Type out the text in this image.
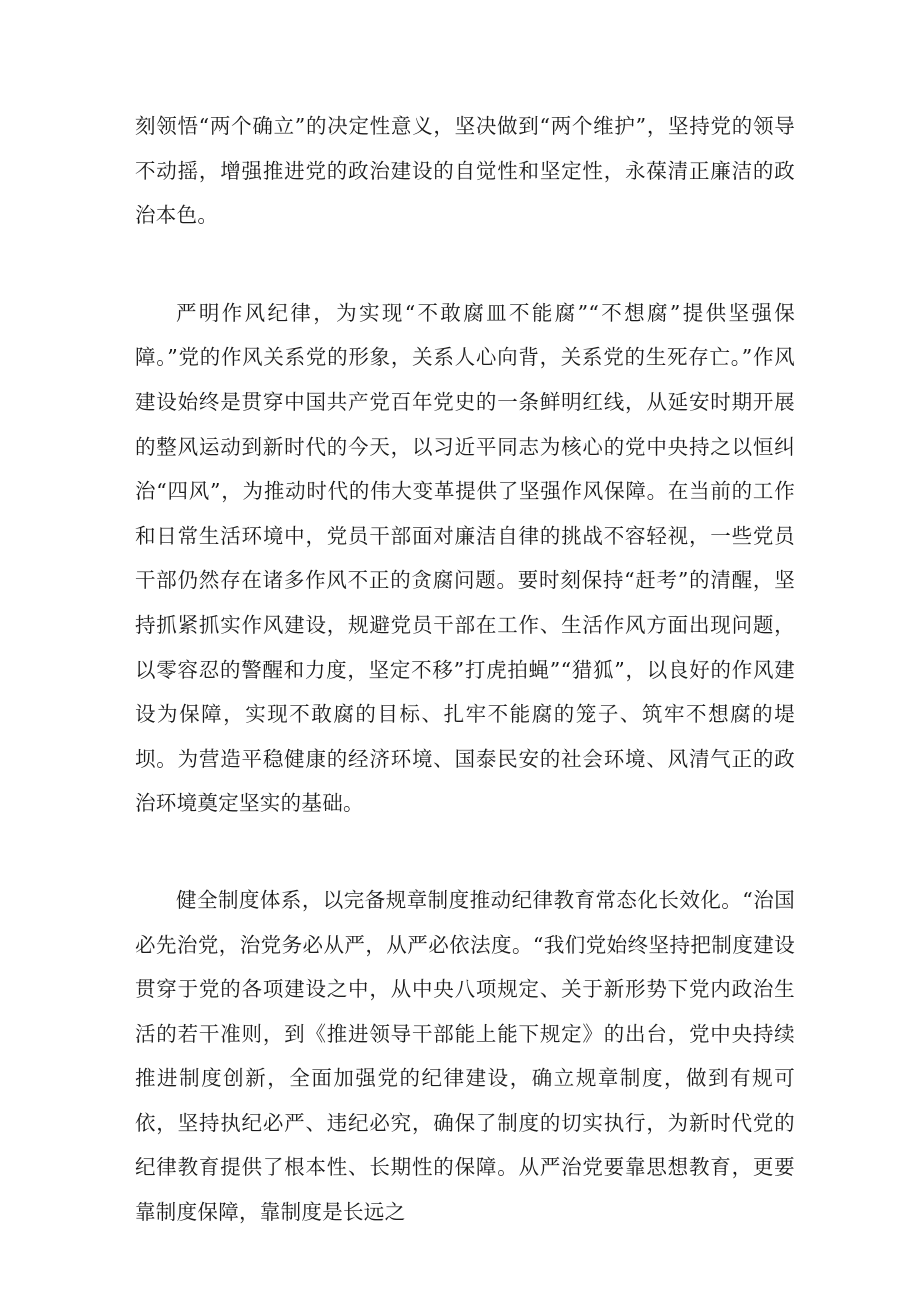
刻领悟“两个确立”的决定性意义，坚决做到“两个维护”，坚持党的领导不动摇，增强推进党的政治建设的自觉性和坚定性，永葆清正廉洁的政治本色。

严明作风纪律，为实现“不敢腐皿不能腐”“不想腐”提供坚强保障。”党的作风关系党的形象，关系人心向背，关系党的生死存亡。”作风建设始终是贯穿中国共产党百年党史的一条鲜明红线，从延安时期开展的整风运动到新时代的今天，以习近平同志为核心的党中央持之以恒纠治“四风”，为推动时代的伟大变革提供了坚强作风保障。在当前的工作和日常生活环境中，党员干部面对廉洁自律的挑战不容轻视，一些党员干部仍然存在诸多作风不正的贪腐问题。要时刻保持“赶考”的清醒，坚持抓紧抓实作风建设，规避党员干部在工作、生活作风方面出现问题，以零容忍的警醒和力度，坚定不移”打虎拍蝇”“猎狐”，以良好的作风建设为保障，实现不敢腐的目标、扎牢不能腐的笼子、筑牢不想腐的堤坝。为营造平稳健康的经济环境、国泰民安的社会环境、风清气正的政治环境奠定坚实的基础。

健全制度体系，以完备规章制度推动纪律教育常态化长效化。“治国必先治党，治党务必从严，从严必依法度。“我们党始终坚持把制度建设贯穿于党的各项建设之中，从中央八项规定、关于新形势下党内政治生活的若干准则，到《推进领导干部能上能下规定》的出台，党中央持续推进制度创新，全面加强党的纪律建设，确立规章制度，做到有规可依，坚持执纪必严、违纪必究，确保了制度的切实执行，为新时代党的纪律教育提供了根本性、长期性的保障。从严治党要靠思想教育，更要靠制度保障，靠制度是长远之
